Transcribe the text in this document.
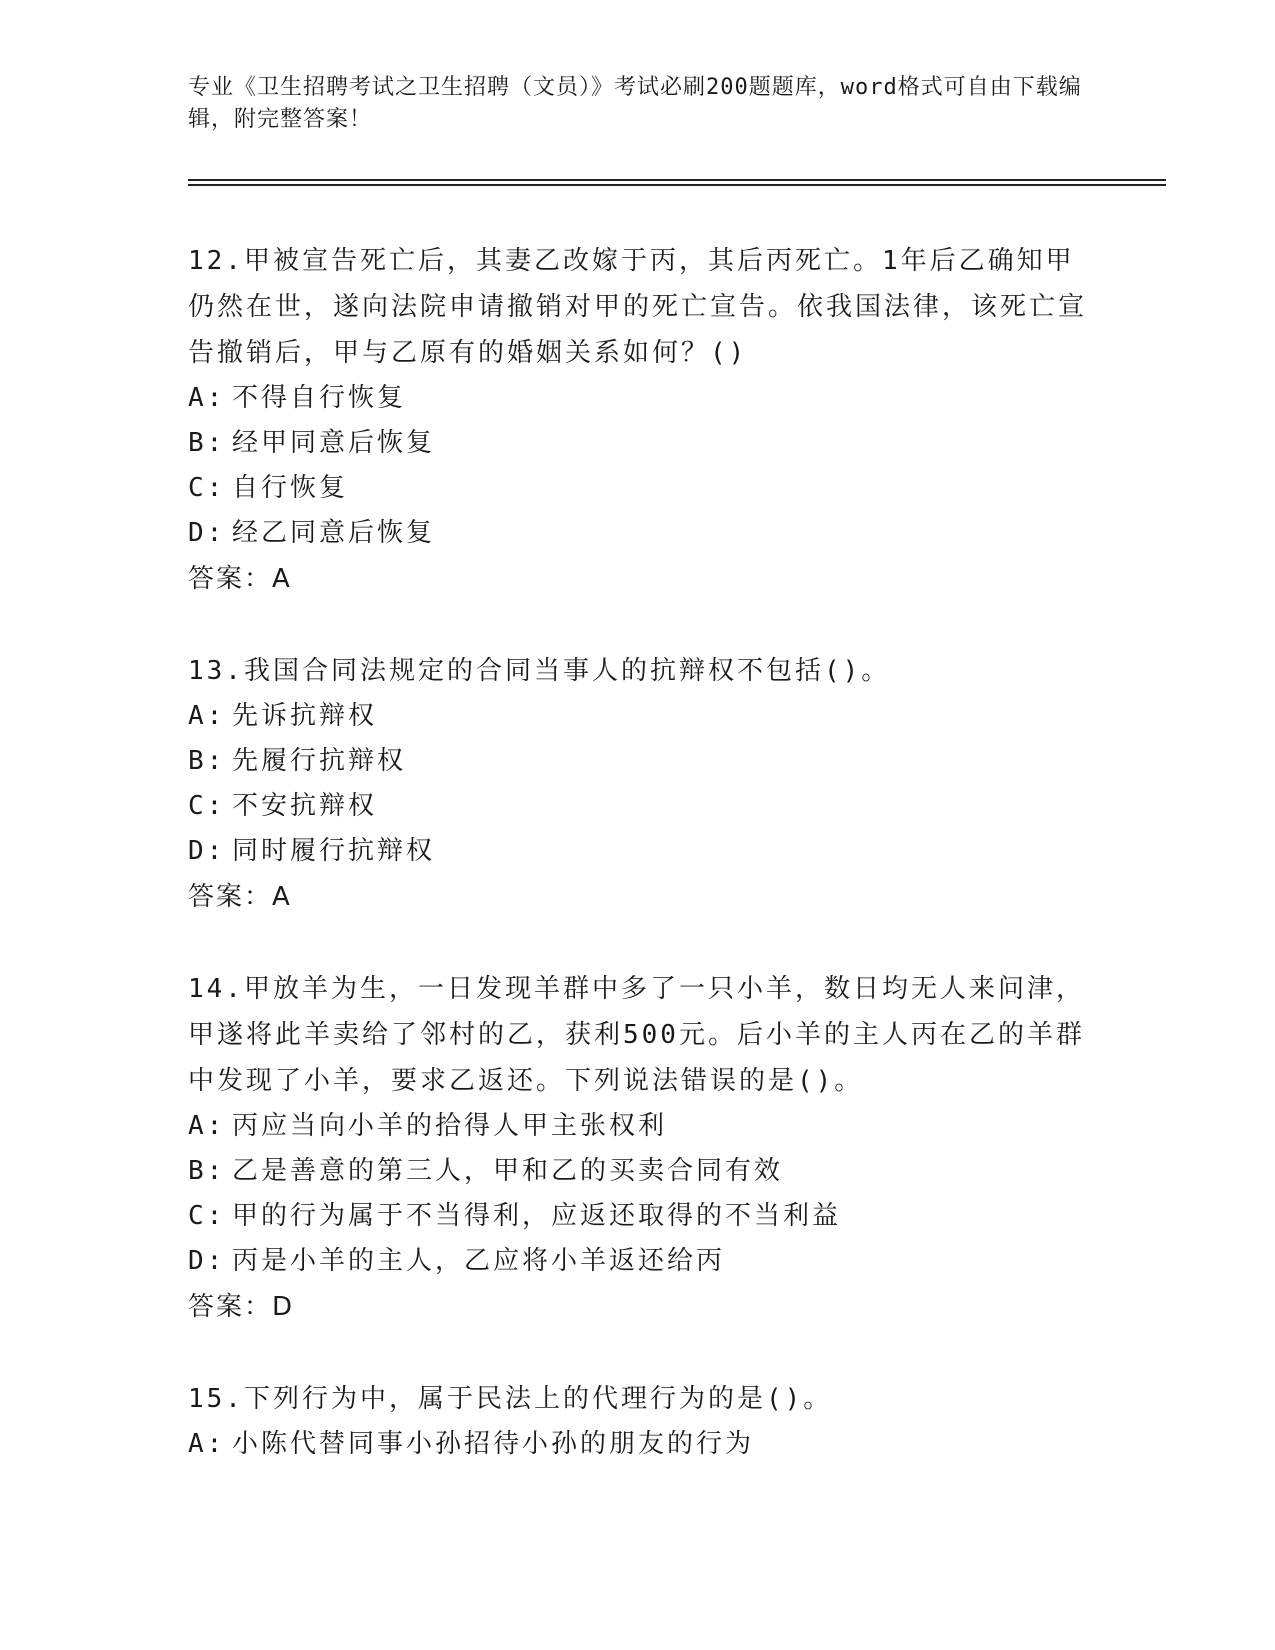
专业《卫生招聘考试之卫生招聘（文员）》考试必刷200题题库，word格式可自由下载编辑，附完整答案！
12.甲被宣告死亡后，其妻乙改嫁于丙，其后丙死亡。1年后乙确知甲仍然在世，遂向法院申请撤销对甲的死亡宣告。依我国法律，该死亡宣告撤销后，甲与乙原有的婚姻关系如何？()
A: 不得自行恢复
B: 经甲同意后恢复
C: 自行恢复
D: 经乙同意后恢复
答案：A
13.我国合同法规定的合同当事人的抗辩权不包括()。
A: 先诉抗辩权
B: 先履行抗辩权
C: 不安抗辩权
D: 同时履行抗辩权
答案：A
14.甲放羊为生，一日发现羊群中多了一只小羊，数日均无人来问津，甲遂将此羊卖给了邻村的乙，获利500元。后小羊的主人丙在乙的羊群中发现了小羊，要求乙返还。下列说法错误的是()。
A: 丙应当向小羊的拾得人甲主张权利
B: 乙是善意的第三人，甲和乙的买卖合同有效
C: 甲的行为属于不当得利，应返还取得的不当利益
D: 丙是小羊的主人，乙应将小羊返还给丙
答案：D
15.下列行为中，属于民法上的代理行为的是()。
A: 小陈代替同事小孙招待小孙的朋友的行为
